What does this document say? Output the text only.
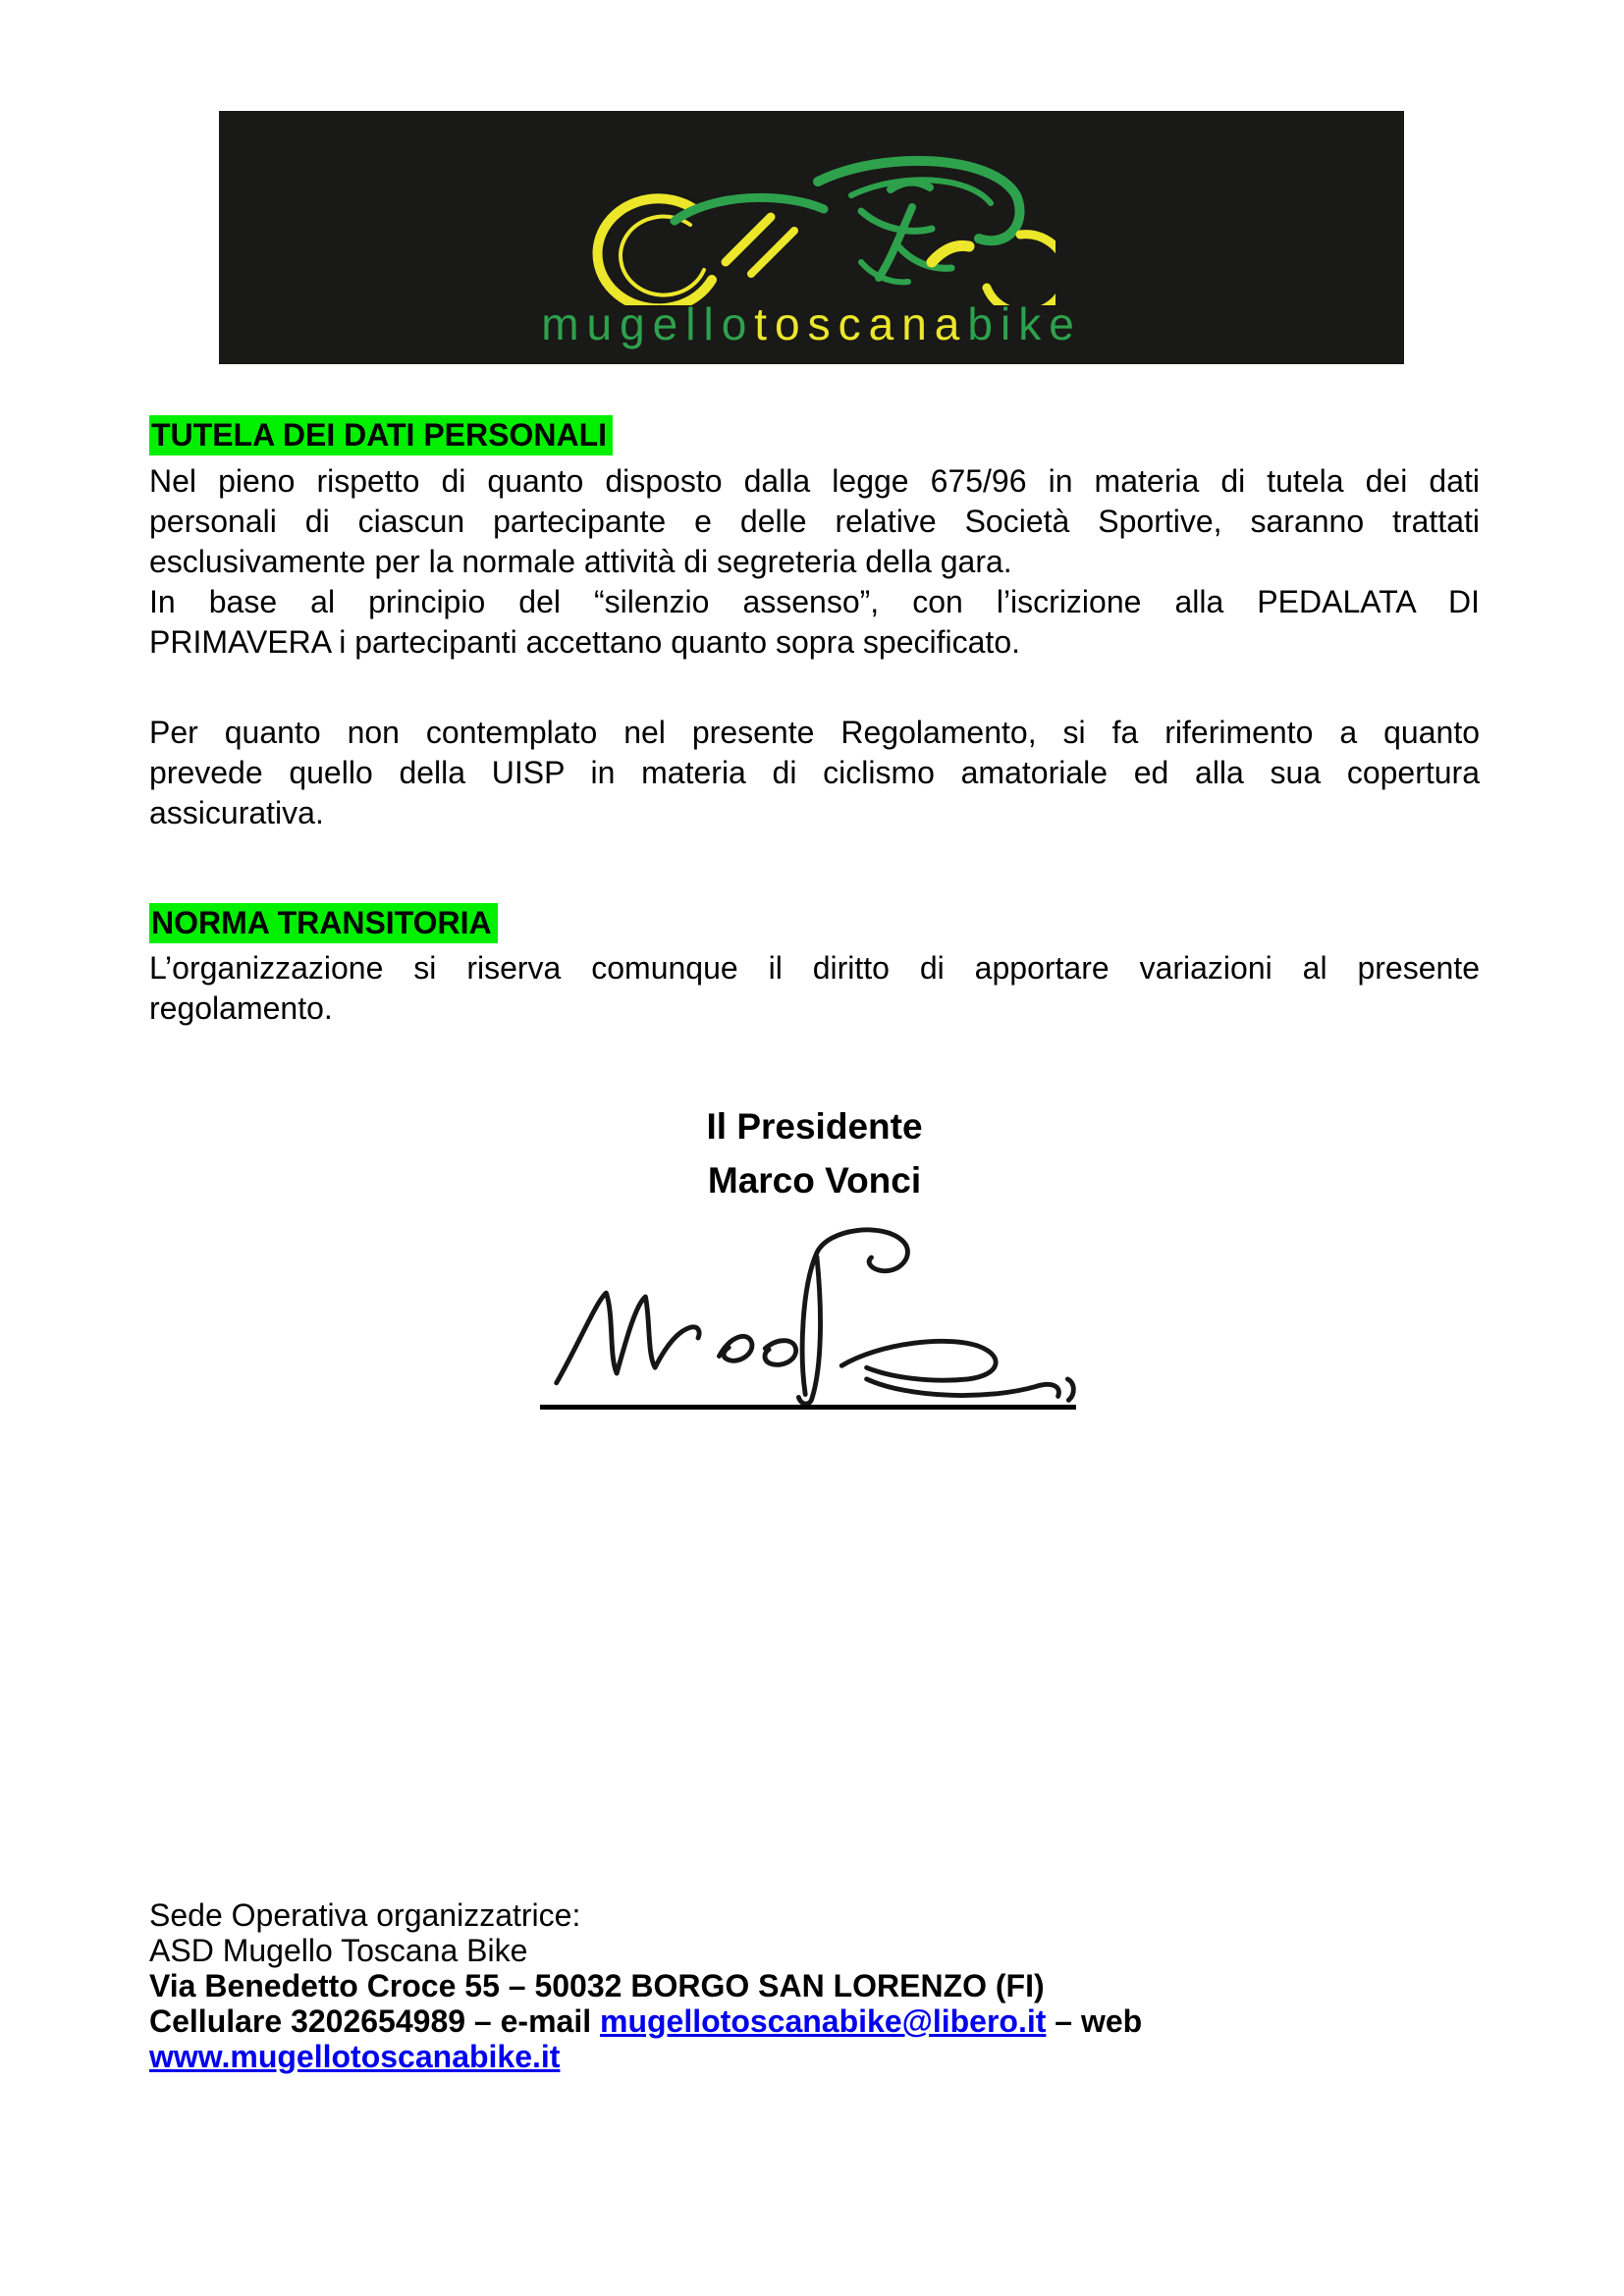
mugellotoscanabike
TUTELA DEI DATI PERSONALI
Nel pieno rispetto di quanto disposto dalla legge 675/96 in materia di tutela dei dati
personali di ciascun partecipante e delle relative Società Sportive, saranno trattati
esclusivamente per la normale attività di segreteria della gara.
In base al principio del “silenzio assenso”, con l’iscrizione alla PEDALATA DI
PRIMAVERA i partecipanti accettano quanto sopra specificato.
Per quanto non contemplato nel presente Regolamento, si fa riferimento a quanto
prevede quello della UISP in materia di ciclismo amatoriale ed alla sua copertura
assicurativa.
NORMA TRANSITORIA
L’organizzazione si riserva comunque il diritto di apportare variazioni al presente
regolamento.
Il Presidente
Marco Vonci
Sede Operativa organizzatrice:
ASD Mugello Toscana Bike
Via Benedetto Croce 55 – 50032 BORGO SAN LORENZO (FI)
Cellulare 3202654989 – e-mail mugellotoscanabike@libero.it – web
www.mugellotoscanabike.it
